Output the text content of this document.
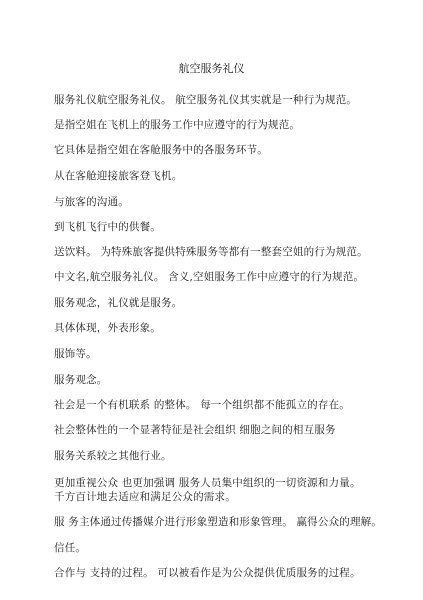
航空服务礼仪
服务礼仪航空服务礼仪。 航空服务礼仪其实就是一种行为规范。
是指空姐在飞机上的服务工作中应遵守的行为规范。
它具体是指空姐在客舱服务中的各服务环节。
从在客舱迎接旅客登飞机。
与旅客的沟通。
到飞机飞行中的供餐。
送饮料。 为特殊旅客提供特殊服务等都有一整套空姐的行为规范。
中文名,航空服务礼仪。 含义,空姐服务工作中应遵守的行为规范。
服务观念，礼仪就是服务。
具体体现，外表形象。
服饰等。
服务观念。
社会是一个有机联系 的整体。 每一个组织都不能孤立的存在。
社会整体性的一个显著特征是社会组织 细胞之间的相互服务
服务关系较之其他行业。
更加重视公众 也更加强调 服务人员集中组织的一切资源和力量。
千方百计地去适应和满足公众的需求。
服 务主体通过传播媒介进行形象塑造和形象管理。 赢得公众的理解。
信任。
合作与 支持的过程。 可以被看作是为公众提供优质服务的过程。
